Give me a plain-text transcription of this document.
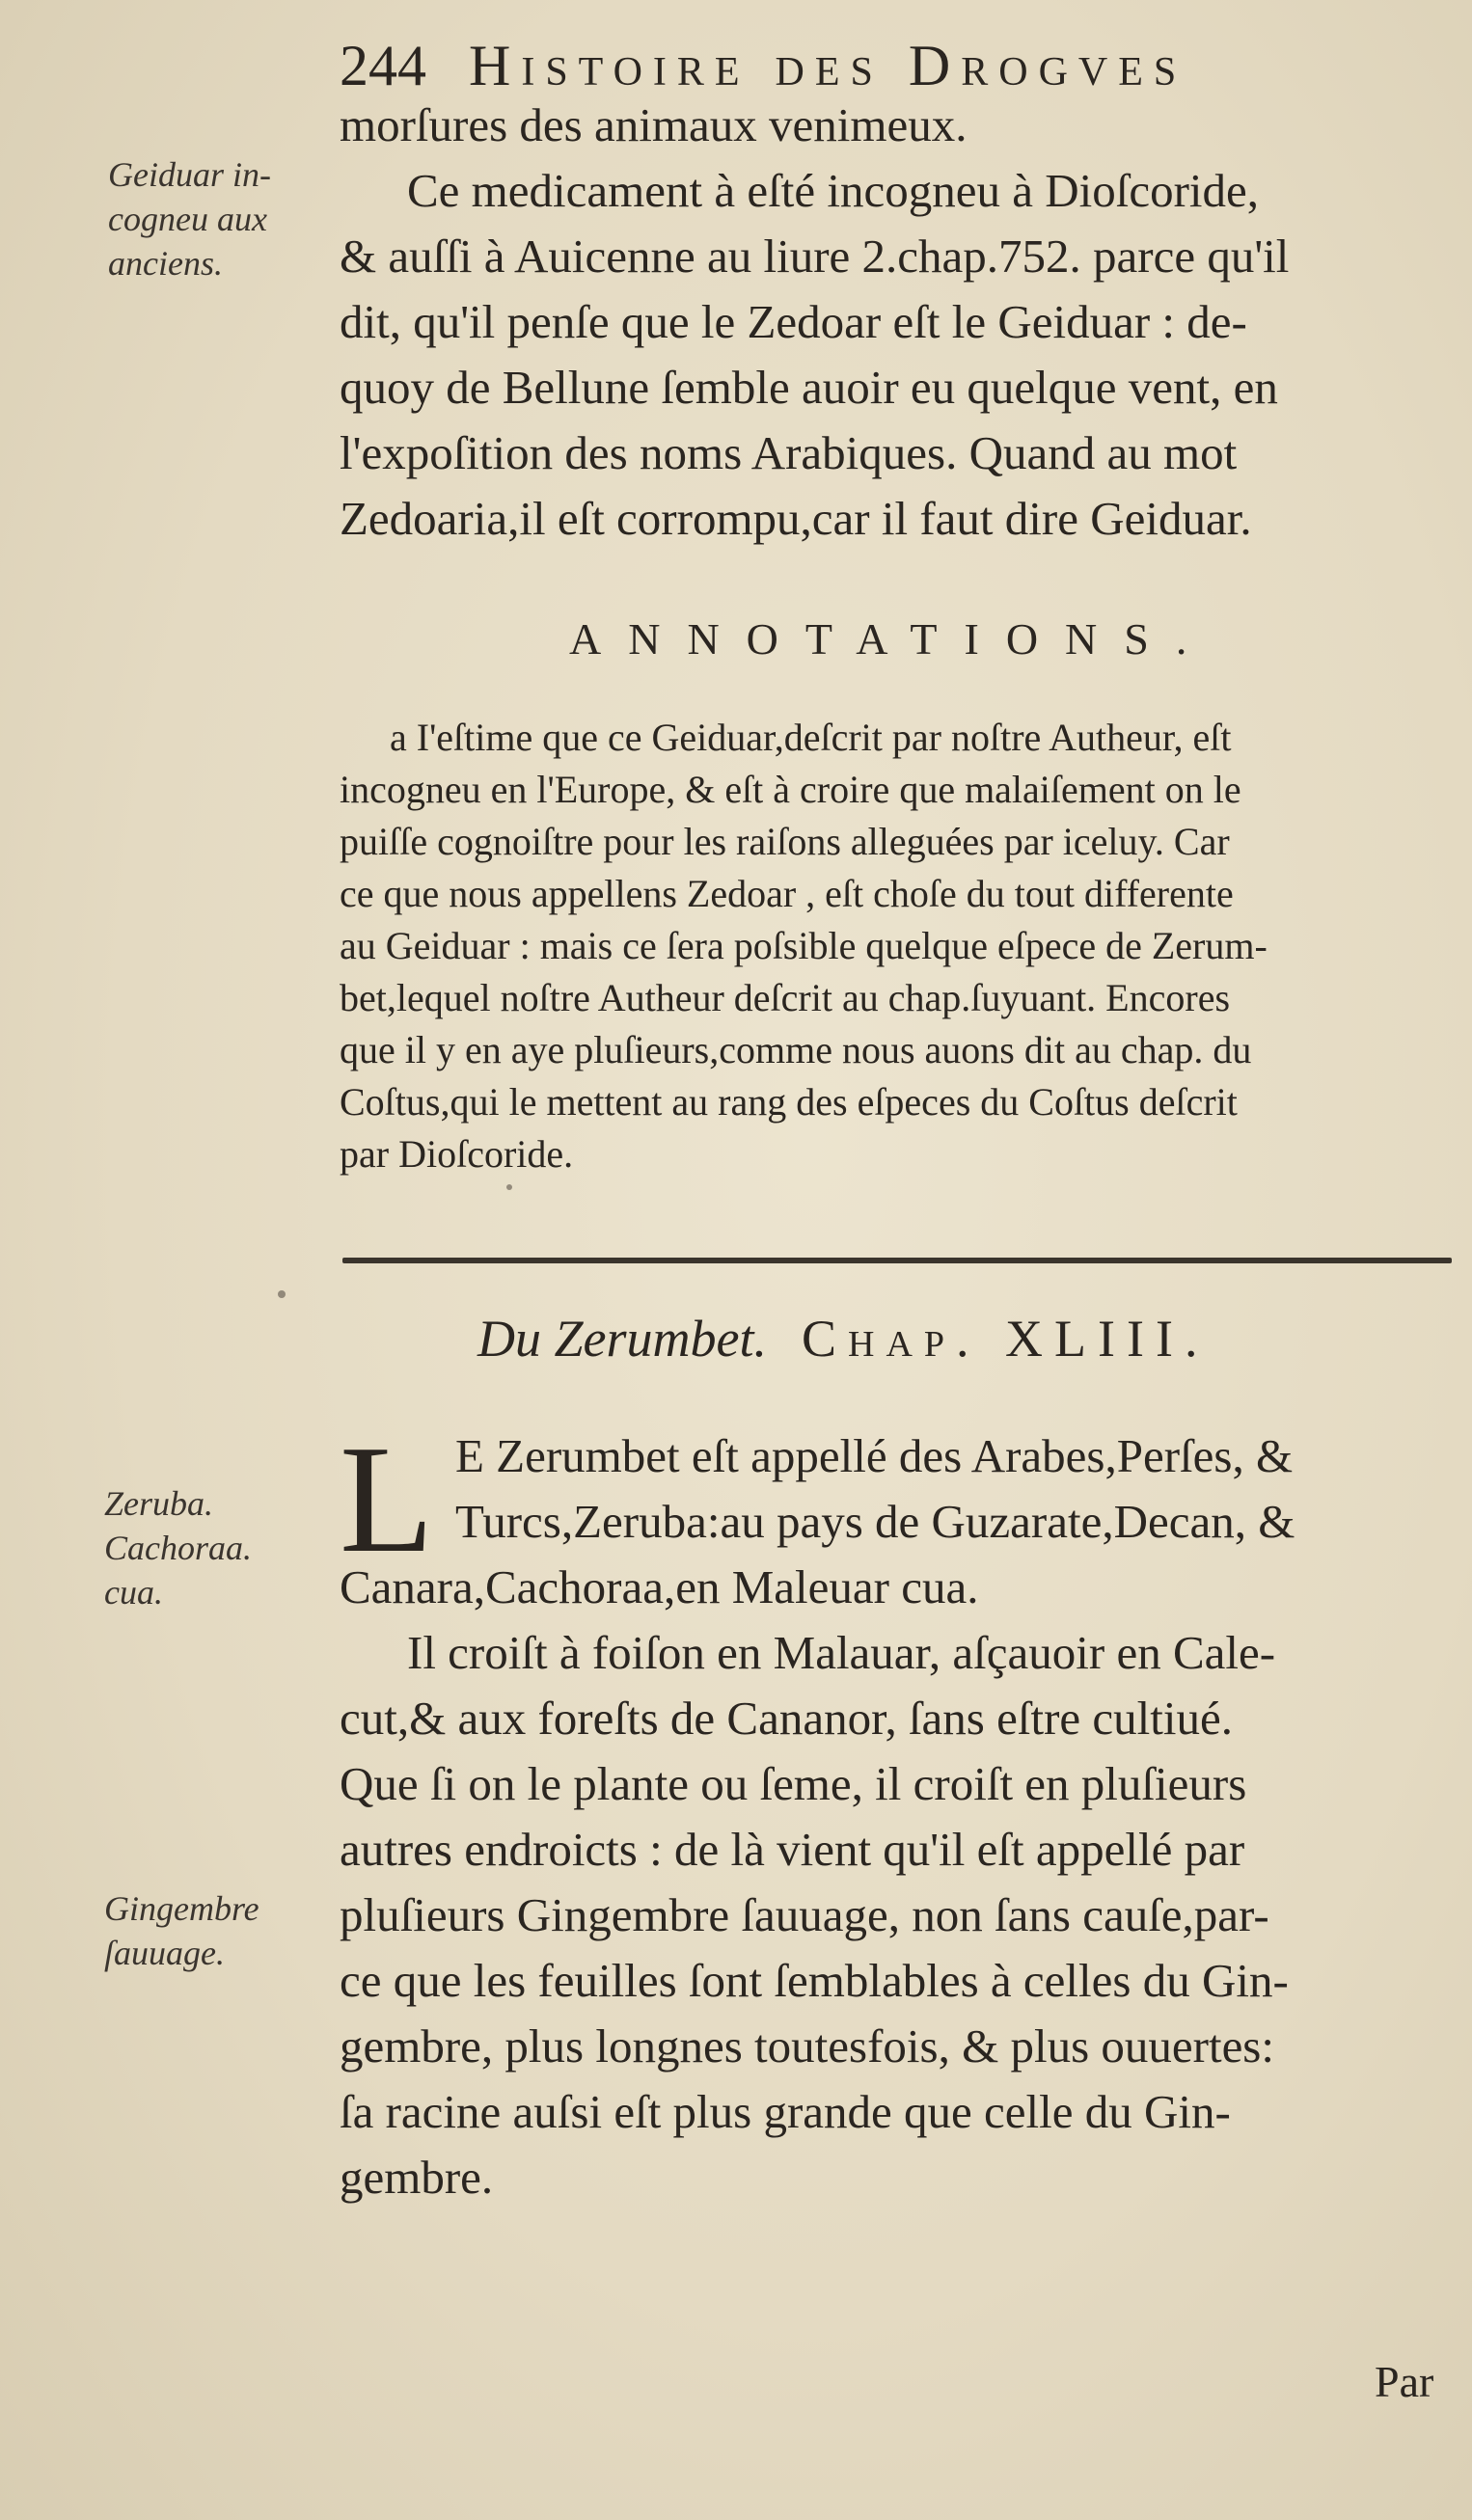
244 Histoire des Drogves
morſures des animaux venimeux.
Ce medicament à eſté incogneu à Dioſcoride,
& auſſi à Auicenne au liure 2.chap.752. parce qu'il
dit, qu'il penſe que le Zedoar eſt le Geiduar : de-
quoy de Bellune ſemble auoir eu quelque vent, en
l'expoſition des noms Arabiques. Quand au mot
Zedoaria,il eſt corrompu,car il faut dire Geiduar.
Geiduar in-
cogneu aux
anciens.
ANNOTATIONS.
a I'eſtime que ce Geiduar,deſcrit par noſtre Autheur, eſt
incogneu en l'Europe, & eſt à croire que malaiſement on le
puiſſe cognoiſtre pour les raiſons alleguées par iceluy. Car
ce que nous appellens Zedoar , eſt choſe du tout differente
au Geiduar : mais ce ſera poſsible quelque eſpece de Zerum-
bet,lequel noſtre Autheur deſcrit au chap.ſuyuant. Encores
que il y en aye pluſieurs,comme nous auons dit au chap. du
Coſtus,qui le mettent au rang des eſpeces du Coſtus deſcrit
par Dioſcoride.
Du Zerumbet. Chap. XLIII.
L E Zerumbet eſt appellé des Arabes,Perſes, &
Turcs,Zeruba:au pays de Guzarate,Decan, &
Canara,Cachoraa,en Maleuar cua.
Il croiſt à foiſon en Malauar, aſçauoir en Cale-
cut,& aux foreſts de Cananor, ſans eſtre cultiué.
Que ſi on le plante ou ſeme, il croiſt en pluſieurs
autres endroicts : de là vient qu'il eſt appellé par
pluſieurs Gingembre ſauuage, non ſans cauſe,par-
ce que les feuilles ſont ſemblables à celles du Gin-
gembre, plus longnes toutesfois, & plus ouuertes:
ſa racine auſsi eſt plus grande que celle du Gin-
gembre.
Zeruba.
Cachoraa.
cua.
Gingembre
ſauuage.
Par
